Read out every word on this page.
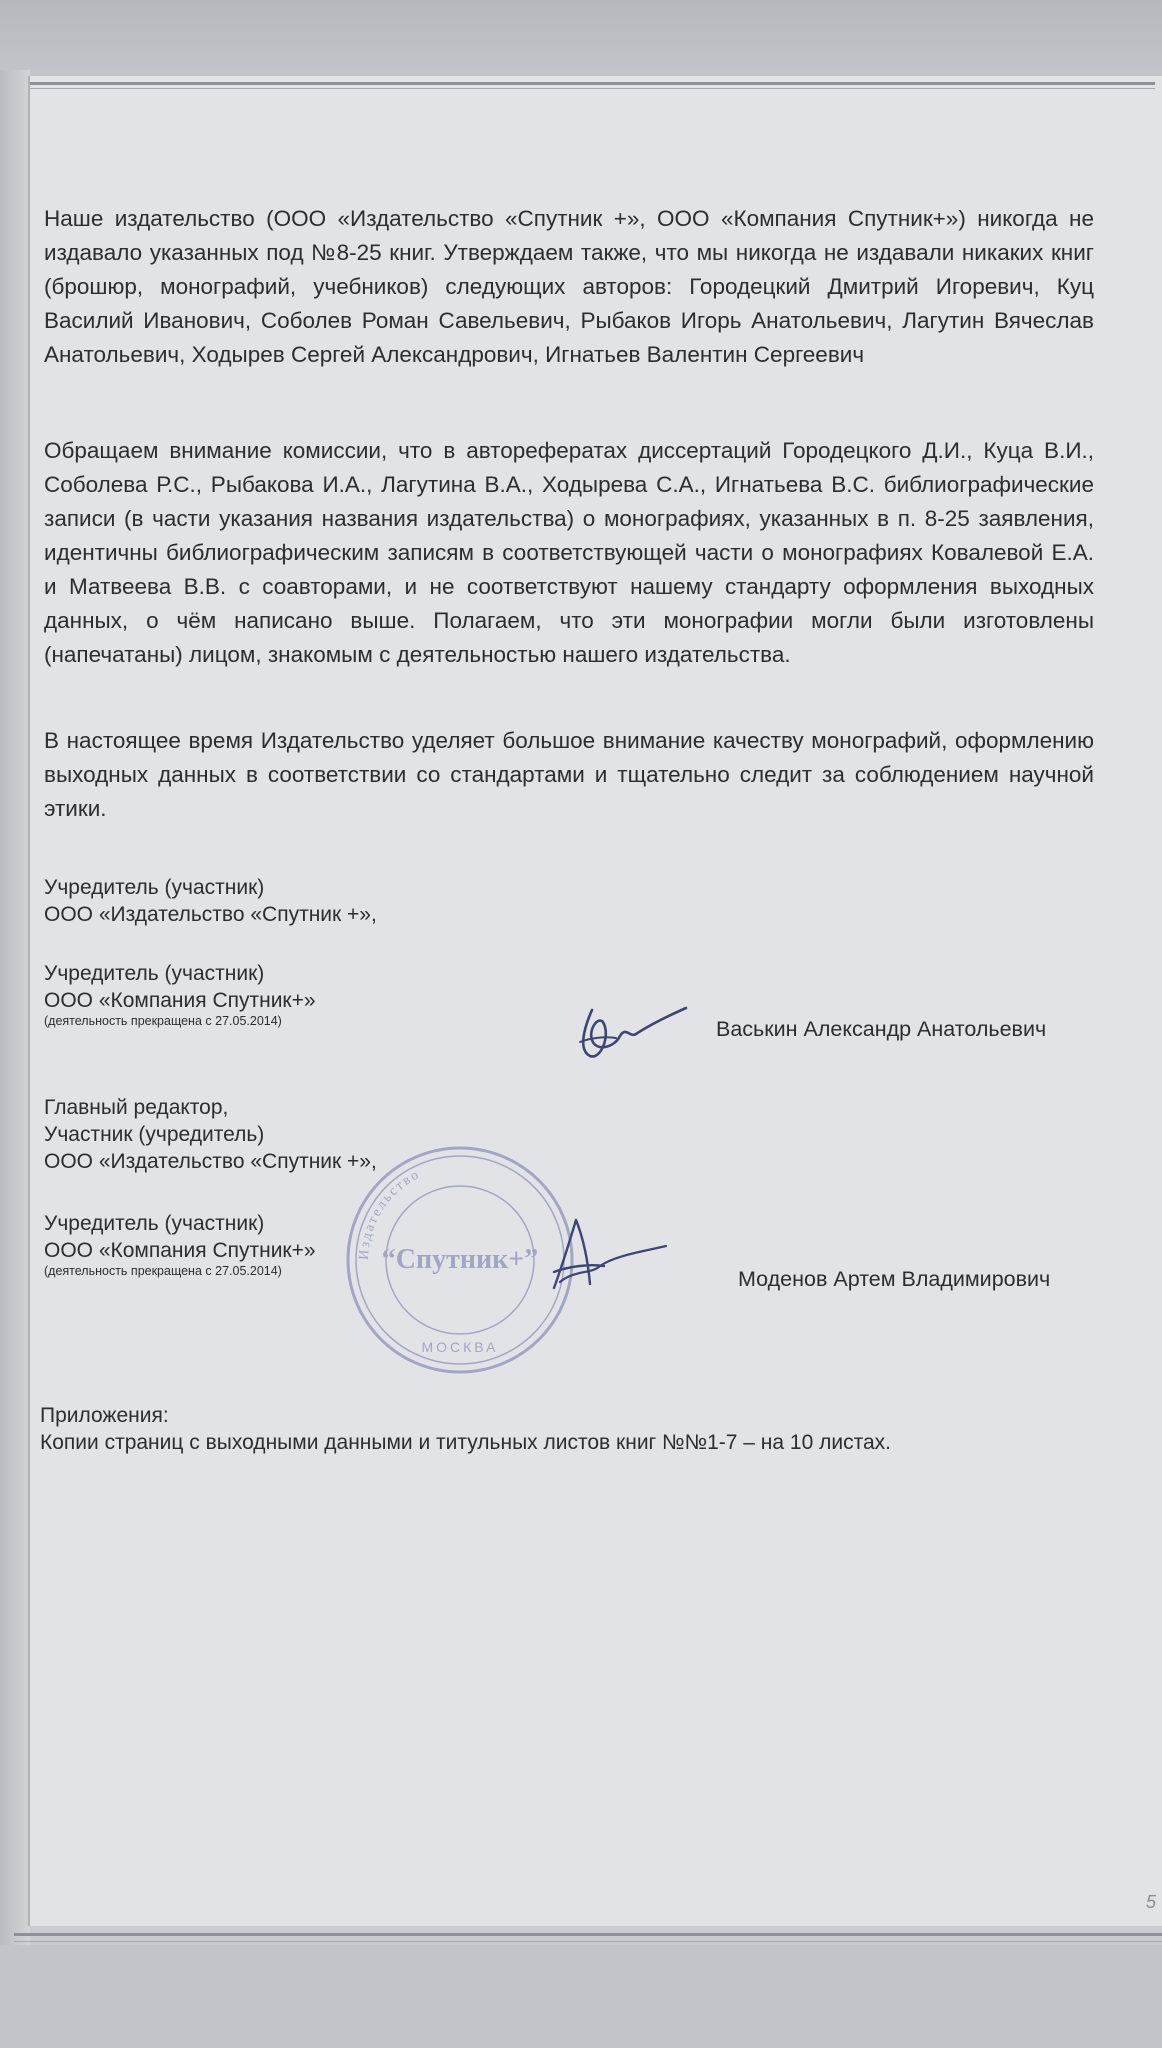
Наше издательство (ООО «Издательство «Спутник +», ООО «Компания Спутник+») никогда не издавало указанных под №8-25 книг. Утверждаем также, что мы никогда не издавали никаких книг (брошюр, монографий, учебников) следующих авторов: Городецкий Дмитрий Игоревич, Куц Василий Иванович, Соболев Роман Савельевич, Рыбаков Игорь Анатольевич, Лагутин Вячеслав Анатольевич, Ходырев Сергей Александрович, Игнатьев Валентин Сергеевич
Обращаем внимание комиссии, что в авторефератах диссертаций Городецкого Д.И., Куца В.И., Соболева Р.С., Рыбакова И.А., Лагутина В.А., Ходырева С.А., Игнатьева В.С. библиографические записи (в части указания названия издательства) о монографиях, указанных в п. 8-25 заявления, идентичны библиографическим записям в соответствующей части о монографиях Ковалевой Е.А. и Матвеева В.В. с соавторами, и не соответствуют нашему стандарту оформления выходных данных, о чём написано выше. Полагаем, что эти монографии могли были изготовлены (напечатаны) лицом, знакомым с деятельностью нашего издательства.
В настоящее время Издательство уделяет большое внимание качеству монографий, оформлению выходных данных в соответствии со стандартами и тщательно следит за соблюдением научной этики.
Учредитель (участник)
ООО «Издательство «Спутник +»,
Учредитель (участник)
ООО «Компания Спутник+»
(деятельность прекращена с 27.05.2014)	Васькин Александр Анатольевич
Главный редактор,
Участник (учредитель)
ООО «Издательство «Спутник +»,
Учредитель (участник)
ООО «Компания Спутник+»
(деятельность прекращена с 27.05.2014)
Издательство
“Спутник+”
МОСКВА
Моденов Артем Владимирович
Приложения:
Копии страниц с выходными данными и титульных листов книг №№1-7 – на 10 листах.
5
